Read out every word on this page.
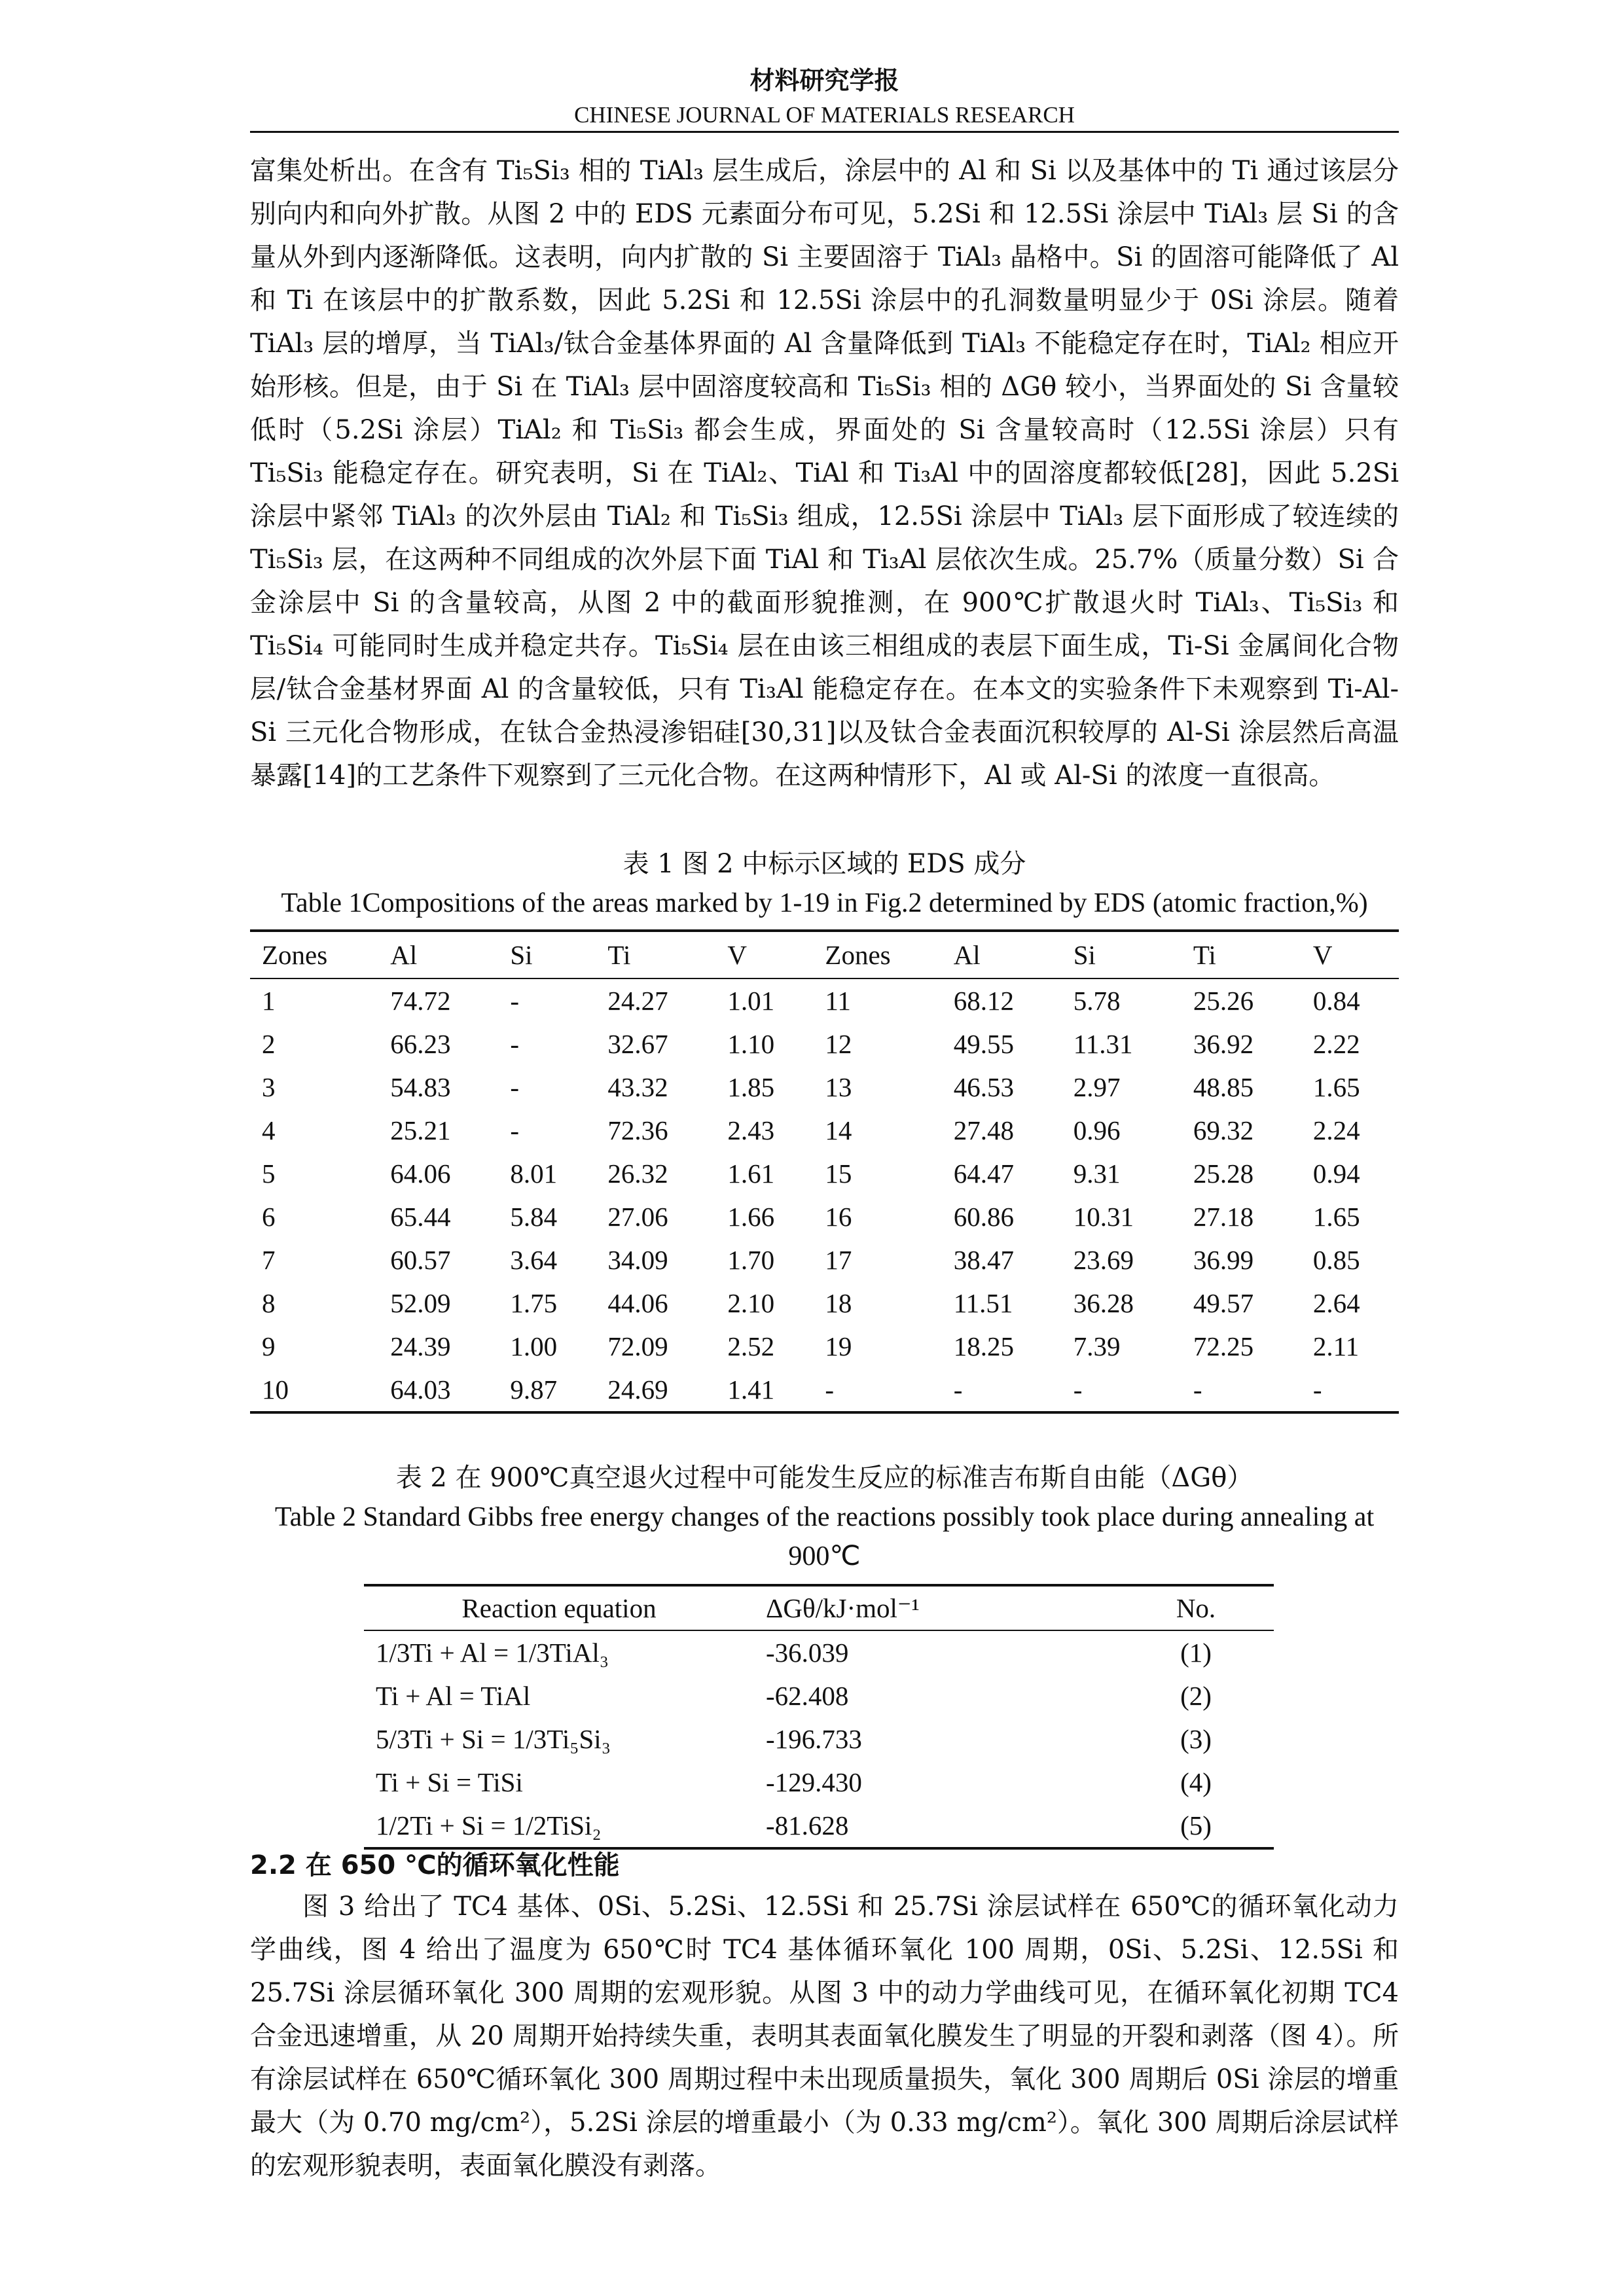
材料研究学报
CHINESE JOURNAL OF MATERIALS RESEARCH

富集处析出。在含有 Ti₅Si₃ 相的 TiAl₃ 层生成后，涂层中的 Al 和 Si 以及基体中的 Ti 通过该层分别向内和向外扩散。从图 2 中的 EDS 元素面分布可见，5.2Si 和 12.5Si 涂层中 TiAl₃ 层 Si 的含量从外到内逐渐降低。这表明，向内扩散的 Si 主要固溶于 TiAl₃ 晶格中。Si 的固溶可能降低了 Al 和 Ti 在该层中的扩散系数，因此 5.2Si 和 12.5Si 涂层中的孔洞数量明显少于 0Si 涂层。随着 TiAl₃ 层的增厚，当 TiAl₃/钛合金基体界面的 Al 含量降低到 TiAl₃ 不能稳定存在时，TiAl₂ 相应开始形核。但是，由于 Si 在 TiAl₃ 层中固溶度较高和 Ti₅Si₃ 相的 ΔGθ 较小，当界面处的 Si 含量较低时（5.2Si 涂层）TiAl₂ 和 Ti₅Si₃ 都会生成，界面处的 Si 含量较高时（12.5Si 涂层）只有 Ti₅Si₃ 能稳定存在。研究表明，Si 在 TiAl₂、TiAl 和 Ti₃Al 中的固溶度都较低[28]，因此 5.2Si 涂层中紧邻 TiAl₃ 的次外层由 TiAl₂ 和 Ti₅Si₃ 组成，12.5Si 涂层中 TiAl₃ 层下面形成了较连续的 Ti₅Si₃ 层，在这两种不同组成的次外层下面 TiAl 和 Ti₃Al 层依次生成。25.7%（质量分数）Si 合金涂层中 Si 的含量较高，从图 2 中的截面形貌推测，在 900℃扩散退火时 TiAl₃、Ti₅Si₃ 和 Ti₅Si₄ 可能同时生成并稳定共存。Ti₅Si₄ 层在由该三相组成的表层下面生成，Ti-Si 金属间化合物层/钛合金基材界面 Al 的含量较低，只有 Ti₃Al 能稳定存在。在本文的实验条件下未观察到 Ti-Al-Si 三元化合物形成，在钛合金热浸渗铝硅[30,31]以及钛合金表面沉积较厚的 Al-Si 涂层然后高温暴露[14]的工艺条件下观察到了三元化合物。在这两种情形下，Al 或 Al-Si 的浓度一直很高。

表 1 图 2 中标示区域的 EDS 成分
Table 1Compositions of the areas marked by 1-19 in Fig.2 determined by EDS (atomic fraction,%)
Zones	Al	Si	Ti	V	Zones	Al	Si	Ti	V
1	74.72	-	24.27	1.01	11	68.12	5.78	25.26	0.84
2	66.23	-	32.67	1.10	12	49.55	11.31	36.92	2.22
3	54.83	-	43.32	1.85	13	46.53	2.97	48.85	1.65
4	25.21	-	72.36	2.43	14	27.48	0.96	69.32	2.24
5	64.06	8.01	26.32	1.61	15	64.47	9.31	25.28	0.94
6	65.44	5.84	27.06	1.66	16	60.86	10.31	27.18	1.65
7	60.57	3.64	34.09	1.70	17	38.47	23.69	36.99	0.85
8	52.09	1.75	44.06	2.10	18	11.51	36.28	49.57	2.64
9	24.39	1.00	72.09	2.52	19	18.25	7.39	72.25	2.11
10	64.03	9.87	24.69	1.41	-	-	-	-	-
表 2 在 900℃真空退火过程中可能发生反应的标准吉布斯自由能（ΔGθ）
Table 2 Standard Gibbs free energy changes of the reactions possibly took place during annealing at 900℃
Reaction equation	ΔGθ/kJ·mol⁻¹	No.
1/3Ti + Al = 1/3TiAl₃	-36.039	(1)
Ti + Al = TiAl	-62.408	(2)
5/3Ti + Si = 1/3Ti₅Si₃	-196.733	(3)
Ti + Si = TiSi	-129.430	(4)
1/2Ti + Si = 1/2TiSi₂	-81.628	(5)
2.2 在 650 ℃的循环氧化性能

图 3 给出了 TC4 基体、0Si、5.2Si、12.5Si 和 25.7Si 涂层试样在 650℃的循环氧化动力学曲线，图 4 给出了温度为 650℃时 TC4 基体循环氧化 100 周期，0Si、5.2Si、12.5Si 和 25.7Si 涂层循环氧化 300 周期的宏观形貌。从图 3 中的动力学曲线可见，在循环氧化初期 TC4 合金迅速增重，从 20 周期开始持续失重，表明其表面氧化膜发生了明显的开裂和剥落（图 4）。所有涂层试样在 650℃循环氧化 300 周期过程中未出现质量损失，氧化 300 周期后 0Si 涂层的增重最大（为 0.70 mg/cm²），5.2Si 涂层的增重最小（为 0.33 mg/cm²）。氧化 300 周期后涂层试样的宏观形貌表明，表面氧化膜没有剥落。
